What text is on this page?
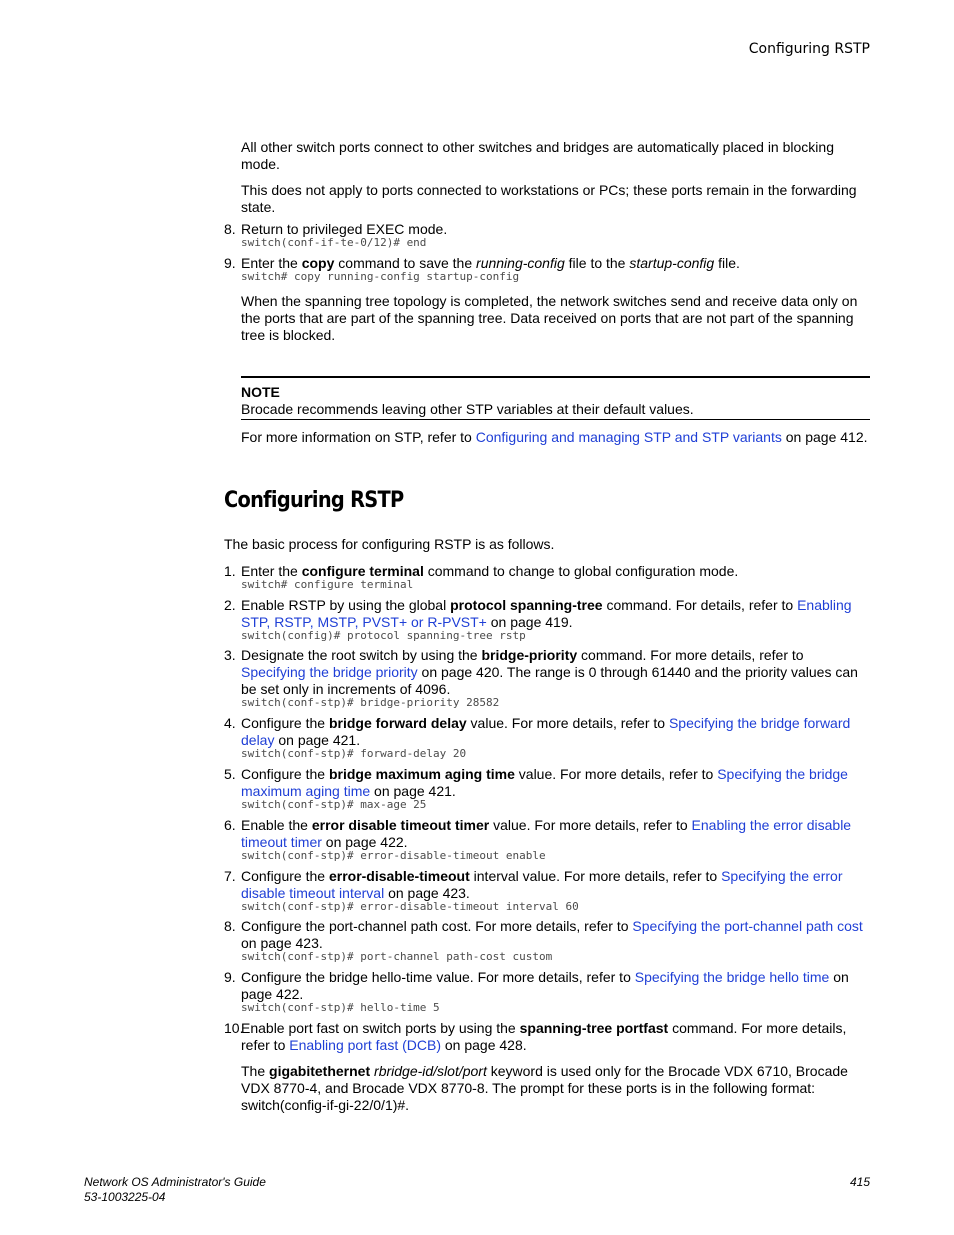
Configuring RSTP

All other switch ports connect to other switches and bridges are automatically placed in blocking mode.

This does not apply to ports connected to workstations or PCs; these ports remain in the forwarding state.

8. Return to privileged EXEC mode.

switch(conf-if-te-0/12)# end
9. Enter the copy command to save the running-config file to the startup-config file.

switch# copy running-config startup-config

When the spanning tree topology is completed, the network switches send and receive data only on the ports that are part of the spanning tree. Data received on ports that are not part of the spanning tree is blocked.

NOTE
Brocade recommends leaving other STP variables at their default values.

For more information on STP, refer to Configuring and managing STP and STP variants on page 412.

Configuring RSTP

The basic process for configuring RSTP is as follows.

1. Enter the configure terminal command to change to global configuration mode.

switch# configure terminal
2. Enable RSTP by using the global protocol spanning-tree command. For details, refer to Enabling STP, RSTP, MSTP, PVST+ or R-PVST+ on page 419.

switch(config)# protocol spanning-tree rstp
3. Designate the root switch by using the bridge-priority command. For more details, refer to Specifying the bridge priority on page 420. The range is 0 through 61440 and the priority values can be set only in increments of 4096.

switch(conf-stp)# bridge-priority 28582
4. Configure the bridge forward delay value. For more details, refer to Specifying the bridge forward delay on page 421.

switch(conf-stp)# forward-delay 20
5. Configure the bridge maximum aging time value. For more details, refer to Specifying the bridge maximum aging time on page 421.

switch(conf-stp)# max-age 25
6. Enable the error disable timeout timer value. For more details, refer to Enabling the error disable timeout timer on page 422.

switch(conf-stp)# error-disable-timeout enable
7. Configure the error-disable-timeout interval value. For more details, refer to Specifying the error disable timeout interval on page 423.

switch(conf-stp)# error-disable-timeout interval 60
8. Configure the port-channel path cost. For more details, refer to Specifying the port-channel path cost on page 423.

switch(conf-stp)# port-channel path-cost custom
9. Configure the bridge hello-time value. For more details, refer to Specifying the bridge hello time on page 422.

switch(conf-stp)# hello-time 5
10.

Enable port fast on switch ports by using the spanning-tree portfast command. For more details, refer to Enabling port fast (DCB) on page 428.

The gigabitethernet rbridge-id/slot/port keyword is used only for the Brocade VDX 6710, Brocade VDX 8770-4, and Brocade VDX 8770-8. The prompt for these ports is in the following format: switch(config-if-gi-22/0/1)#.

Network OS Administrator's Guide
53-1003225-04
415
